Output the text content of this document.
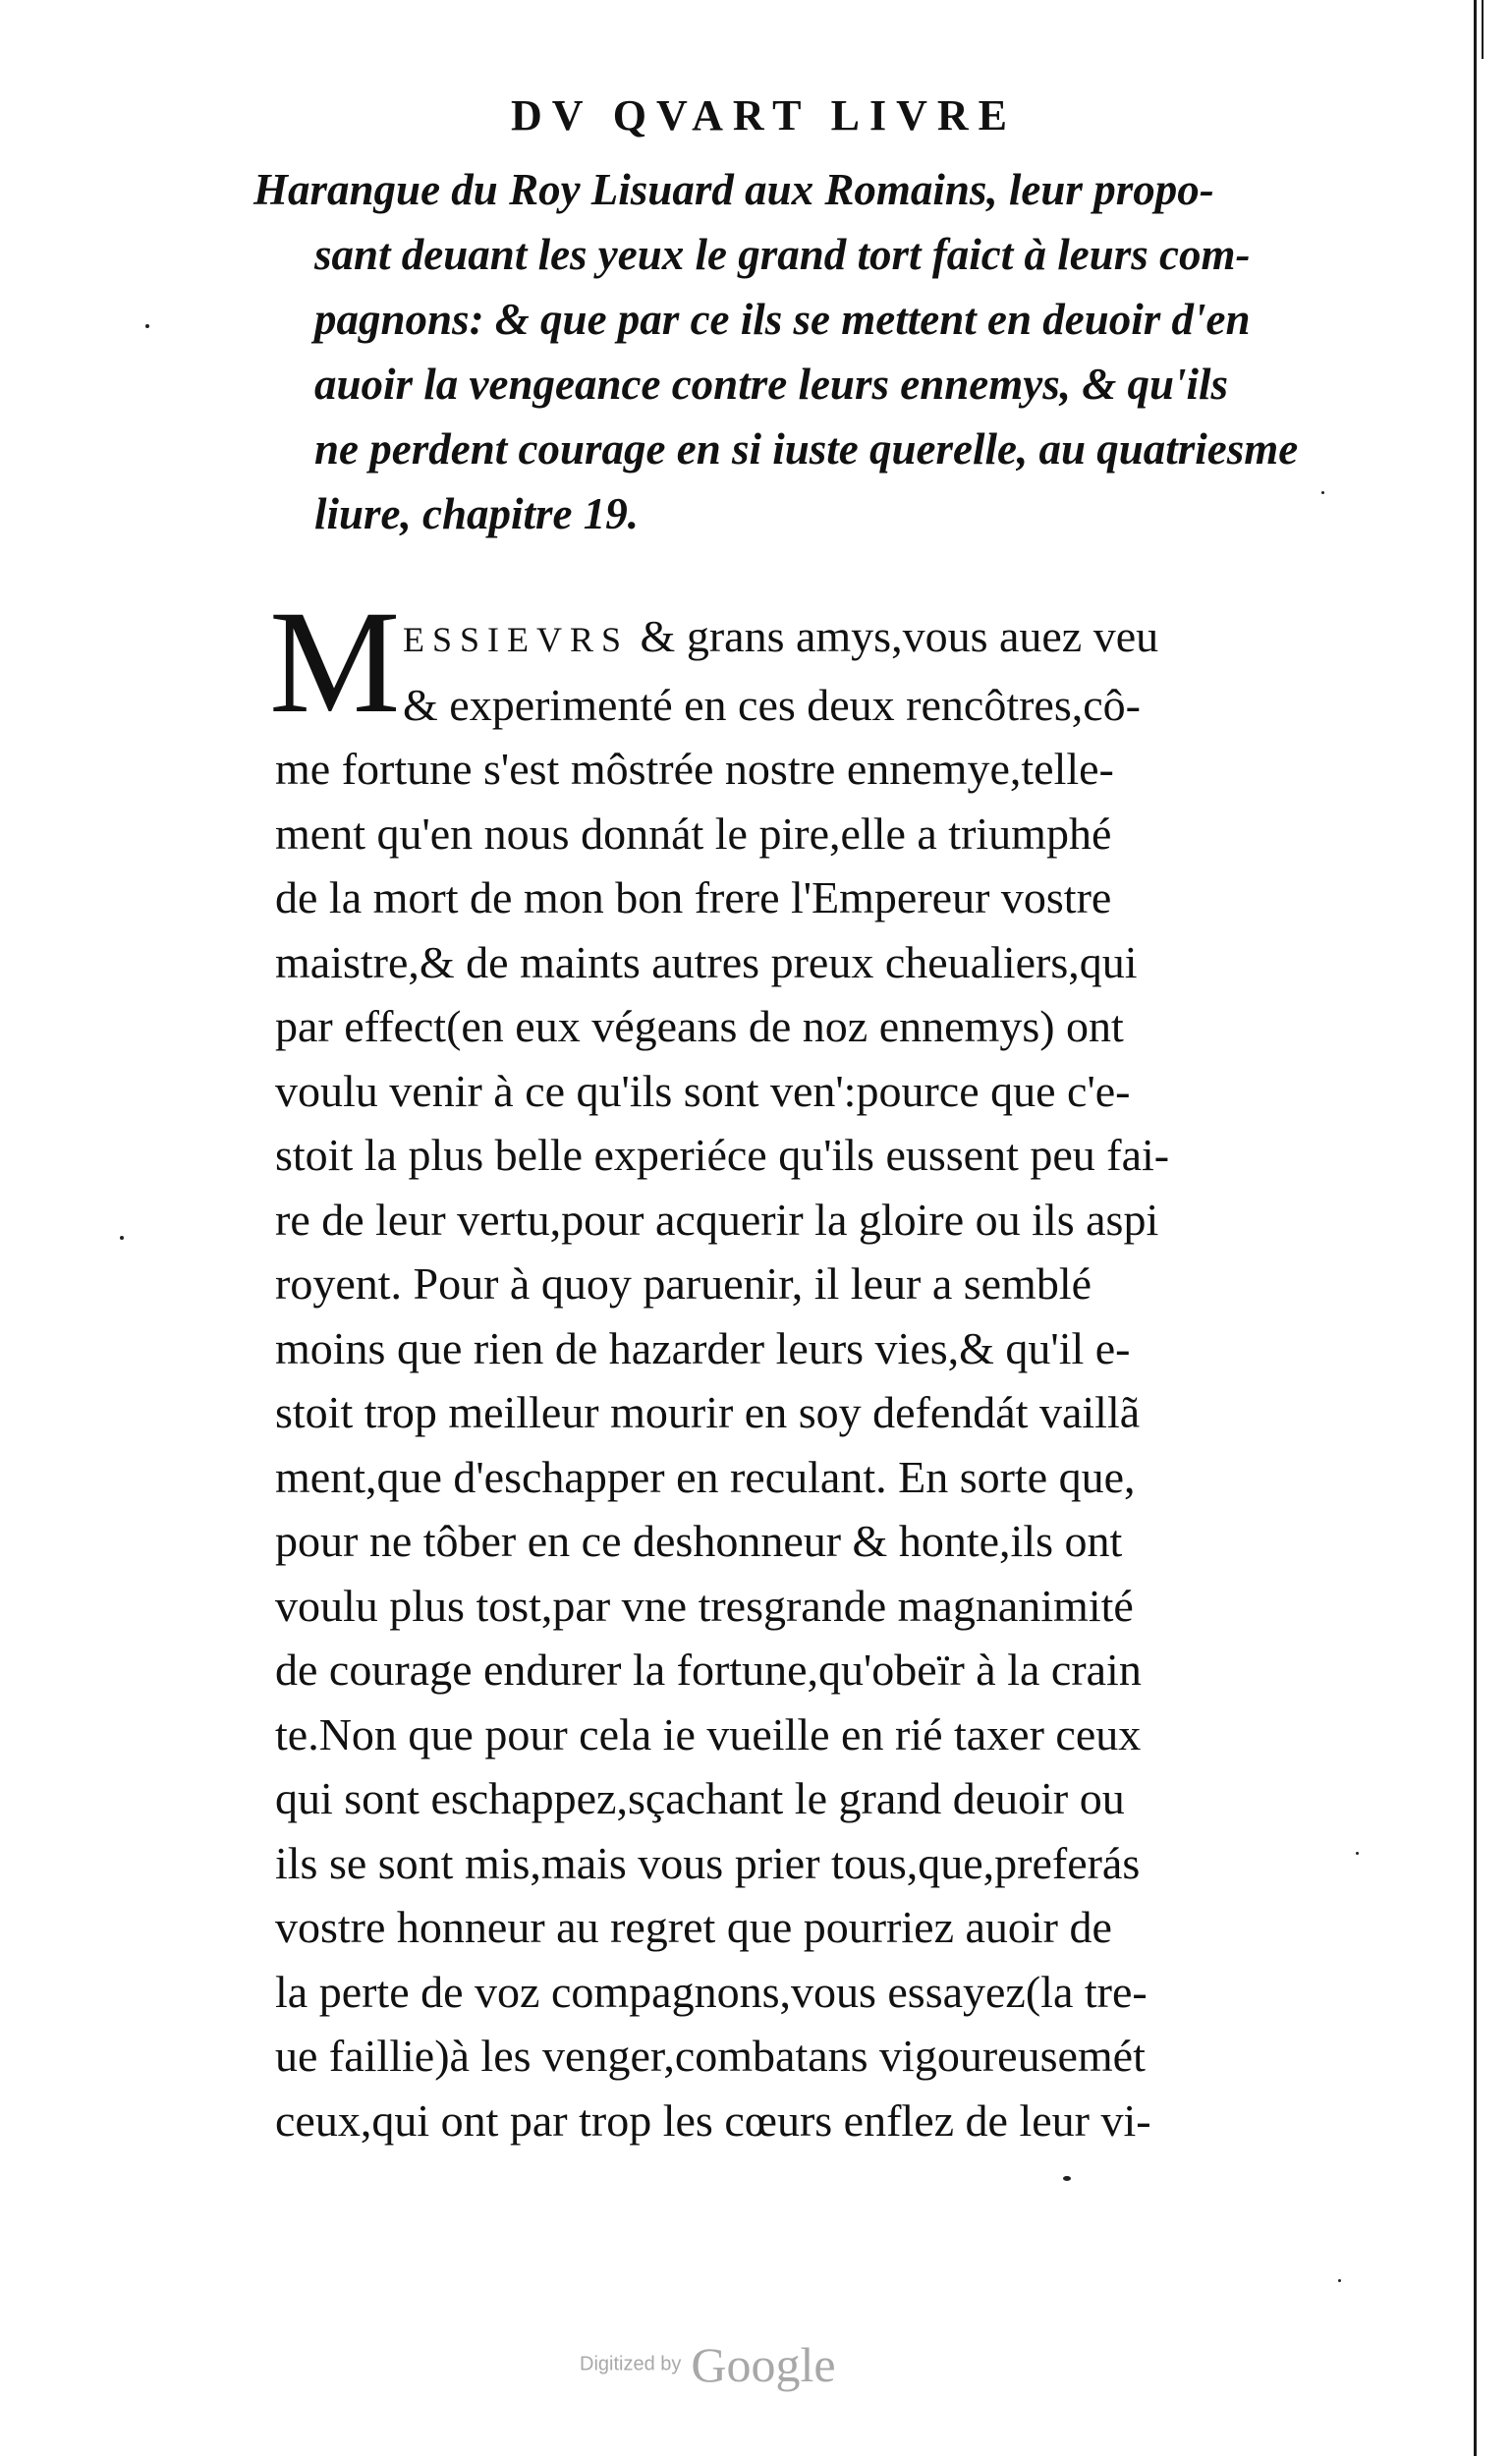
DV QVART LIVRE
Harangue du Roy Lisuard aux Romains, leur propo-
sant deuant les yeux le grand tort faict à leurs com-
pagnons: & que par ce ils se mettent en deuoir d'en
auoir la vengeance contre leurs ennemys, & qu'ils
ne perdent courage en si iuste querelle, au quatriesme
liure, chapitre 19.
M ESSIEVRS & grans amys,vous auez veu
& experimenté en ces deux rencôtres,cô-
me fortune s'est môstrée nostre ennemye,telle-
ment qu'en nous donnát le pire,elle a triumphé
de la mort de mon bon frere l'Empereur vostre
maistre,& de maints autres preux cheualiers,qui
par effect(en eux végeans de noz ennemys) ont
voulu venir à ce qu'ils sont ven':pource que c'e-
stoit la plus belle experiéce qu'ils eussent peu fai-
re de leur vertu,pour acquerir la gloire ou ils aspi
royent. Pour à quoy paruenir, il leur a semblé
moins que rien de hazarder leurs vies,& qu'il e-
stoit trop meilleur mourir en soy defendát vaillã
ment,que d'eschapper en reculant. En sorte que,
pour ne tôber en ce deshonneur & honte,ils ont
voulu plus tost,par vne tresgrande magnanimité
de courage endurer la fortune,qu'obeïr à la crain
te.Non que pour cela ie vueille en rié taxer ceux
qui sont eschappez,sçachant le grand deuoir ou
ils se sont mis,mais vous prier tous,que,preferás
vostre honneur au regret que pourriez auoir de
la perte de voz compagnons,vous essayez(la tre-
ue faillie)à les venger,combatans vigoureusemét
ceux,qui ont par trop les cœurs enflez de leur vi-
Digitized by Google
